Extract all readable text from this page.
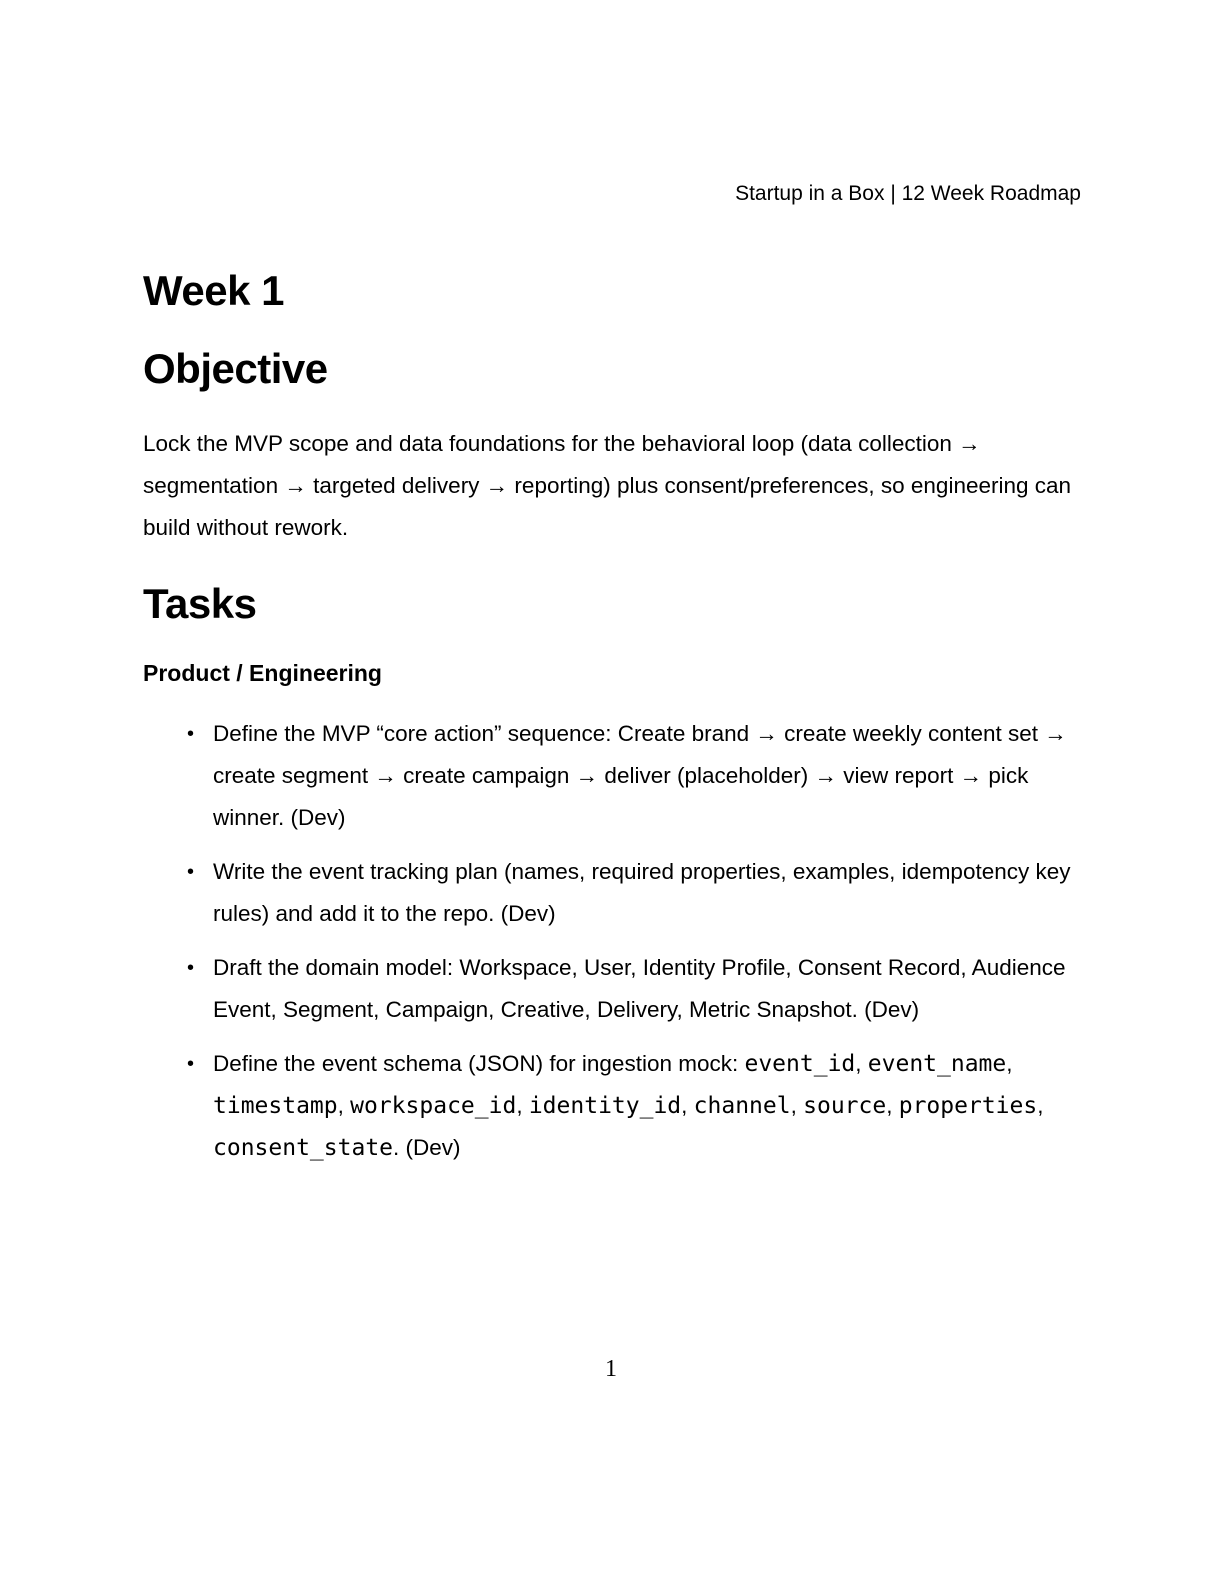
Startup in a Box | 12 Week Roadmap
Week 1
Objective

Lock the MVP scope and data foundations for the behavioral loop (data collection → segmentation → targeted delivery → reporting) plus consent/preferences, so engineering can build without rework.

Tasks
Product / Engineering
• Define the MVP “core action” sequence: Create brand → create weekly content set → create segment → create campaign → deliver (placeholder) → view report → pick winner. (Dev)
• Write the event tracking plan (names, required properties, examples, idempotency key rules) and add it to the repo. (Dev)
• Draft the domain model: Workspace, User, Identity Profile, Consent Record, Audience Event, Segment, Campaign, Creative, Delivery, Metric Snapshot. (Dev)
• Define the event schema (JSON) for ingestion mock: event_id, event_name, timestamp, workspace_id, identity_id, channel, source, properties, consent_state. (Dev)
1
